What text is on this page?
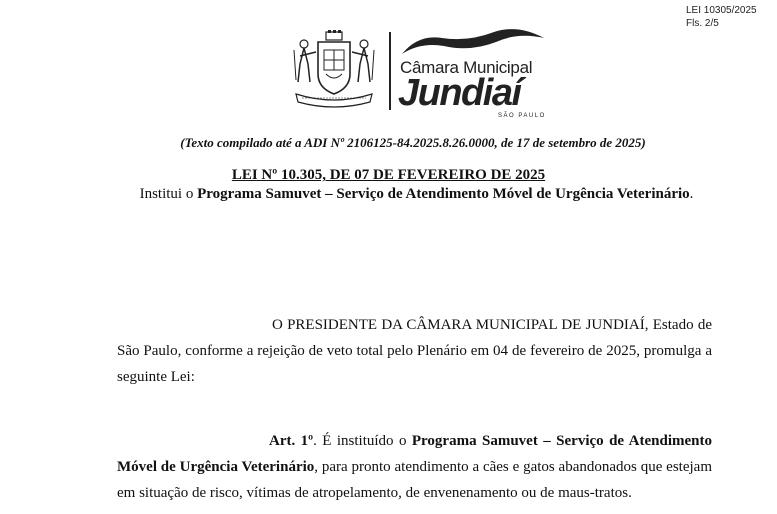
LEI 10305/2025
Fls. 2/5
Câmara Municipal
Jundiaí
SÃO PAULO
(Texto compilado até a ADI Nº 2106125-84.2025.8.26.0000, de 17 de setembro de 2025)
LEI Nº 10.305, DE 07 DE FEVEREIRO DE 2025
Institui o Programa Samuvet – Serviço de Atendimento Móvel de Urgência Veterinário.
O PRESIDENTE DA CÂMARA MUNICIPAL DE JUNDIAÍ, Estado de São Paulo, conforme a rejeição de veto total pelo Plenário em 04 de fevereiro de 2025, promulga a seguinte Lei:
Art. 1º. É instituído o Programa Samuvet – Serviço de Atendimento Móvel de Urgência Veterinário, para pronto atendimento a cães e gatos abandonados que estejam em situação de risco, vítimas de atropelamento, de envenenamento ou de maus-tratos.
